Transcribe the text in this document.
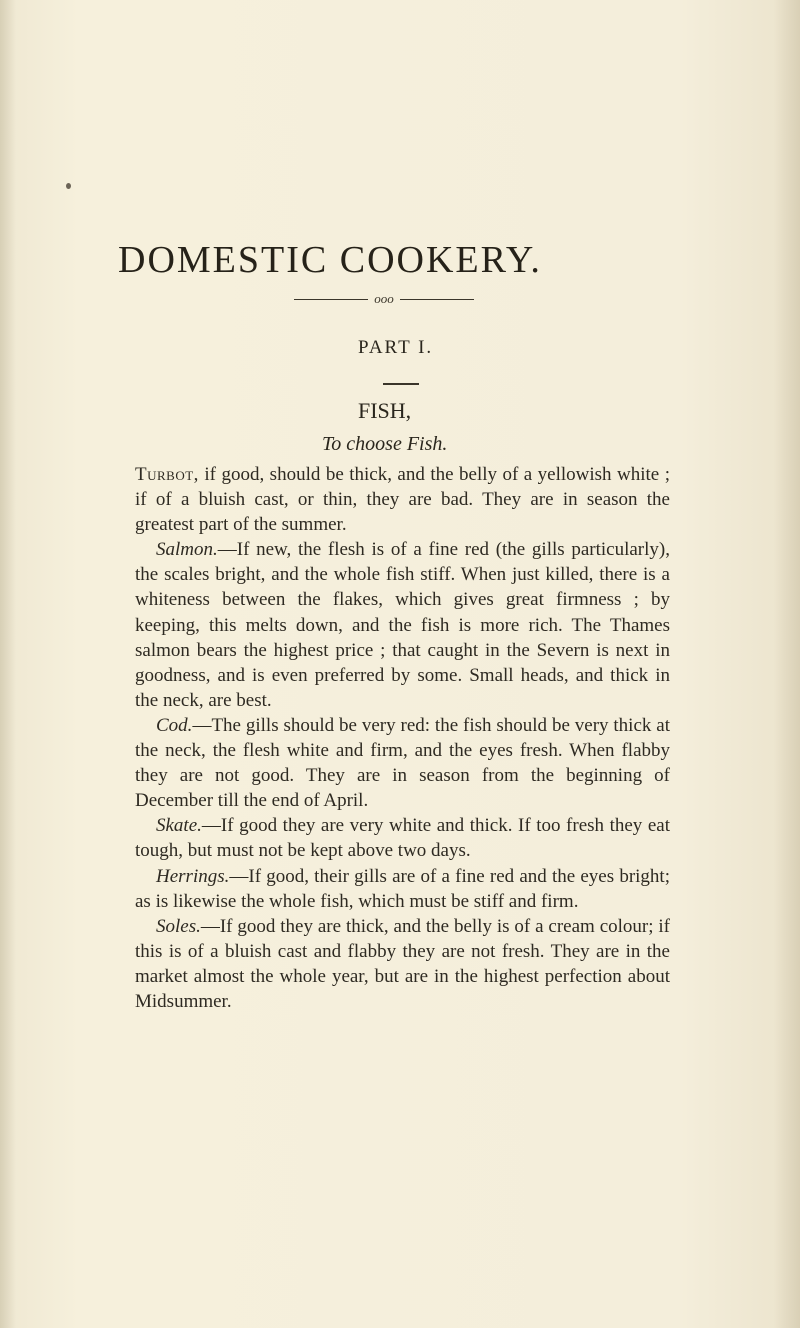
DOMESTIC COOKERY.
ooo
PART I.
FISH,
To choose Fish.

Turbot, if good, should be thick, and the belly of a yellowish white ; if of a bluish cast, or thin, they are bad. They are in season the greatest part of the summer.

Salmon.—If new, the flesh is of a fine red (the gills particularly), the scales bright, and the whole fish stiff. When just killed, there is a whiteness between the flakes, which gives great firmness ; by keeping, this melts down, and the fish is more rich. The Thames salmon bears the highest price ; that caught in the Severn is next in goodness, and is even preferred by some. Small heads, and thick in the neck, are best.

Cod.—The gills should be very red: the fish should be very thick at the neck, the flesh white and firm, and the eyes fresh. When flabby they are not good. They are in season from the beginning of December till the end of April.

Skate.—If good they are very white and thick. If too fresh they eat tough, but must not be kept above two days.

Herrings.—If good, their gills are of a fine red and the eyes bright; as is likewise the whole fish, which must be stiff and firm.

Soles.—If good they are thick, and the belly is of a cream colour; if this is of a bluish cast and flabby they are not fresh. They are in the market almost the whole year, but are in the highest perfection about Midsummer.
